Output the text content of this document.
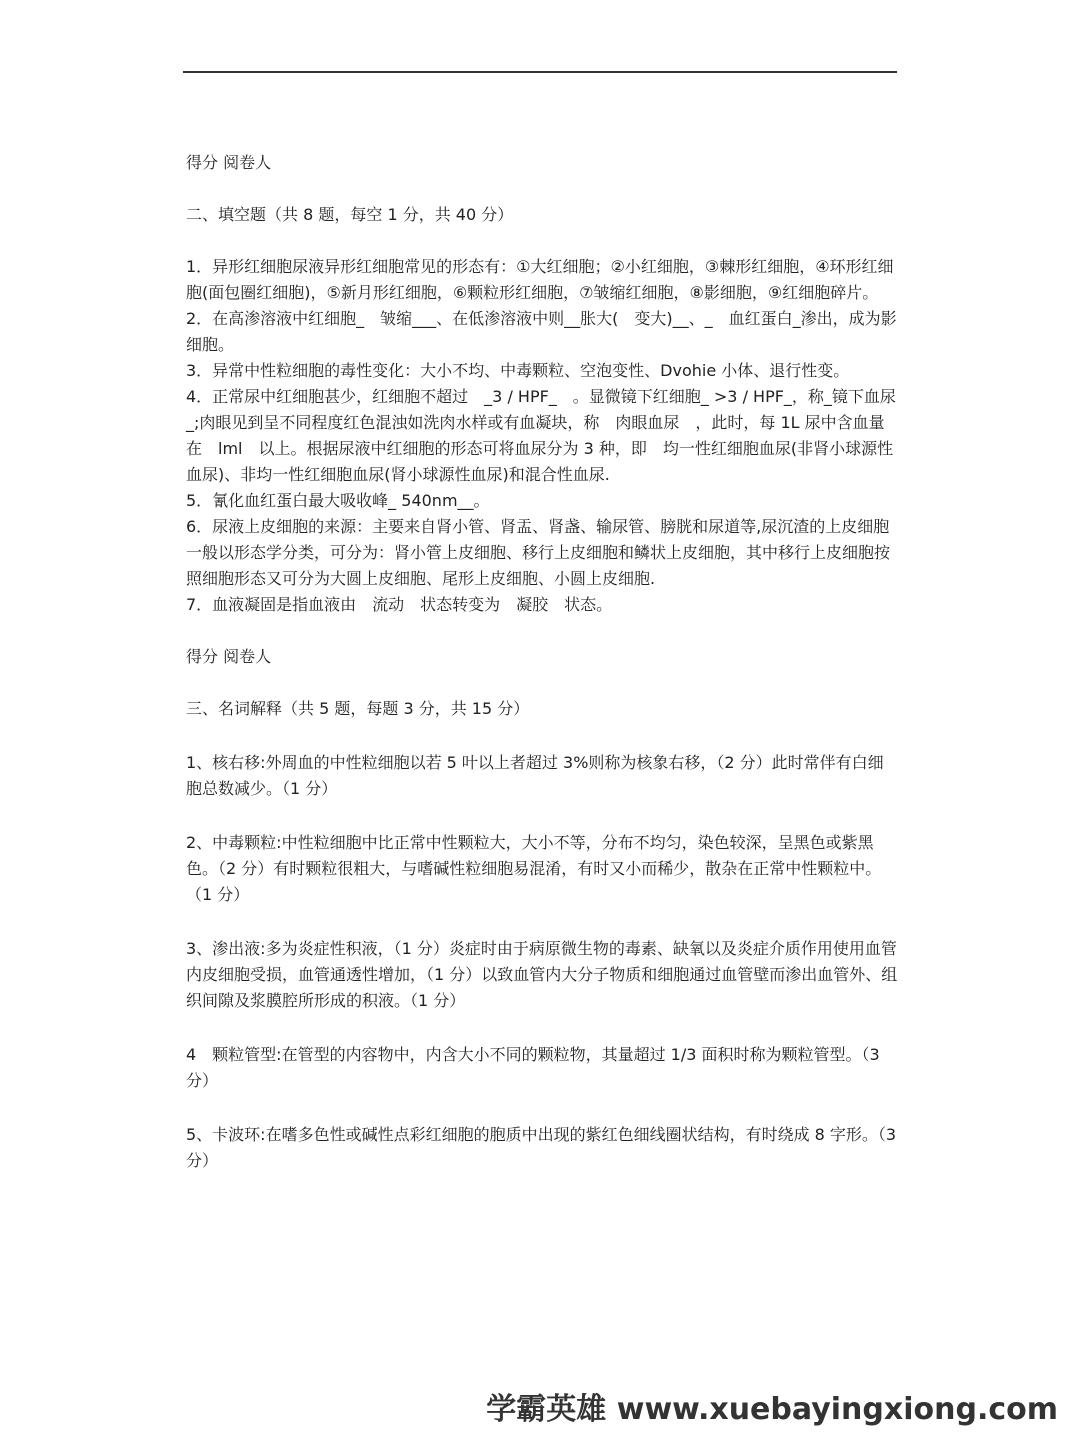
得分 阅卷人

二、填空题（共 8 题，每空 1 分，共 40 分）

1．异形红细胞尿液异形红细胞常见的形态有：①大红细胞；②小红细胞，③棘形红细胞，④环形红细胞(面包圈红细胞)，⑤新月形红细胞，⑥颗粒形红细胞，⑦皱缩红细胞，⑧影细胞，⑨红细胞碎片。

2．在高渗溶液中红细胞_　皱缩___、在低渗溶液中则__胀大(　变大)__、_　血红蛋白_渗出，成为影细胞。

3．异常中性粒细胞的毒性变化：大小不均、中毒颗粒、空泡变性、Dvohie 小体、退行性变。

4．正常尿中红细胞甚少，红细胞不超过　_3 / HPF_　。显微镜下红细胞_ >3 / HPF_，称_镜下血尿_;肉眼见到呈不同程度红色混浊如洗肉水样或有血凝块，称　肉眼血尿　，此时，每 1L 尿中含血量在　lml　以上。根据尿液中红细胞的形态可将血尿分为 3 种，即　均一性红细胞血尿(非肾小球源性血尿)、非均一性红细胞血尿(肾小球源性血尿)和混合性血尿.

5．氰化血红蛋白最大吸收峰_ 540nm__。

6．尿液上皮细胞的来源：主要来自肾小管、肾盂、肾盏、输尿管、膀胱和尿道等,尿沉渣的上皮细胞一般以形态学分类，可分为：肾小管上皮细胞、移行上皮细胞和鳞状上皮细胞，其中移行上皮细胞按照细胞形态又可分为大圆上皮细胞、尾形上皮细胞、小圆上皮细胞.

7．血液凝固是指血液由　流动　状态转变为　凝胶　状态。

得分 阅卷人

三、名词解释（共 5 题，每题 3 分，共 15 分）

1、核右移:外周血的中性粒细胞以若 5 叶以上者超过 3%则称为核象右移，（2 分）此时常伴有白细胞总数减少。（1 分）

2、中毒颗粒:中性粒细胞中比正常中性颗粒大，大小不等，分布不均匀，染色较深，呈黑色或紫黑色。（2 分）有时颗粒很粗大，与嗜碱性粒细胞易混淆，有时又小而稀少，散杂在正常中性颗粒中。（1 分）

3、渗出液:多为炎症性积液，（1 分）炎症时由于病原微生物的毒素、缺氧以及炎症介质作用使用血管内皮细胞受损，血管通透性增加，（1 分）以致血管内大分子物质和细胞通过血管壁而渗出血管外、组织间隙及浆膜腔所形成的积液。（1 分）

4　颗粒管型:在管型的内容物中，内含大小不同的颗粒物，其量超过 1/3 面积时称为颗粒管型。（3 分）

5、卡波环:在嗜多色性或碱性点彩红细胞的胞质中出现的紫红色细线圈状结构，有时绕成 8 字形。（3 分）

学霸英雄 www.xuebayingxiong.com
